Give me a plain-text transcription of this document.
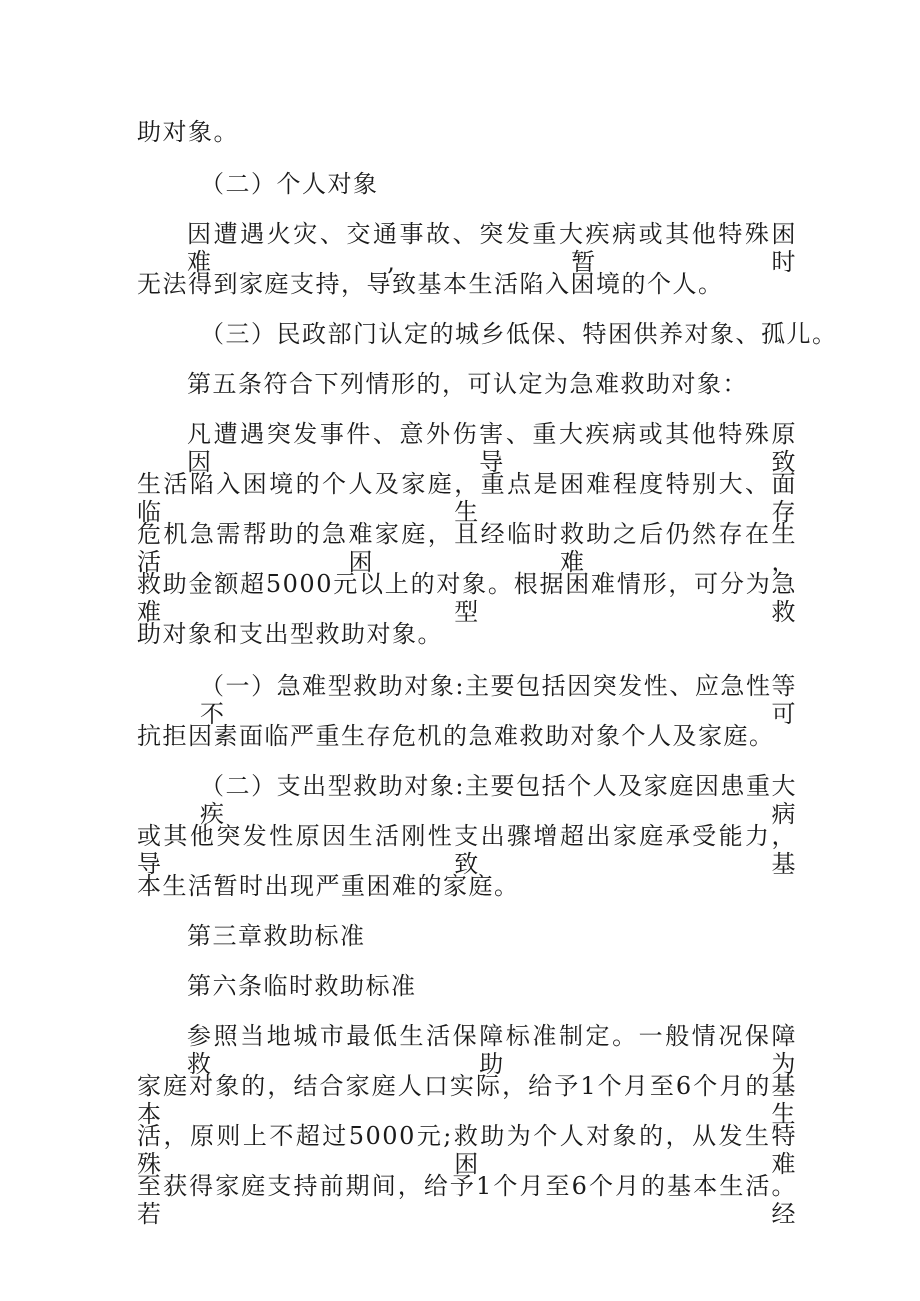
助对象。
（二）个人对象
因遭遇火灾、交通事故、突发重大疾病或其他特殊困难,暂时
无法得到家庭支持，导致基本生活陷入困境的个人。
（三）民政部门认定的城乡低保、特困供养对象、孤儿。
第五条符合下列情形的，可认定为急难救助对象：
凡遭遇突发事件、意外伤害、重大疾病或其他特殊原因导致
生活陷入困境的个人及家庭，重点是困难程度特别大、面临生存
危机急需帮助的急难家庭，且经临时救助之后仍然存在生活困难，
救助金额超5000元以上的对象。根据困难情形，可分为急难型救
助对象和支出型救助对象。
（一）急难型救助对象:主要包括因突发性、应急性等不可
抗拒因素面临严重生存危机的急难救助对象个人及家庭。
（二）支出型救助对象:主要包括个人及家庭因患重大疾病
或其他突发性原因生活刚性支出骤增超出家庭承受能力，导致基
本生活暂时出现严重困难的家庭。
第三章救助标准
第六条临时救助标准
参照当地城市最低生活保障标准制定。一般情况保障救助为
家庭对象的，结合家庭人口实际，给予1个月至6个月的基本生
活，原则上不超过5000元;救助为个人对象的，从发生特殊困难
至获得家庭支持前期间，给予1个月至6个月的基本生活。若经
